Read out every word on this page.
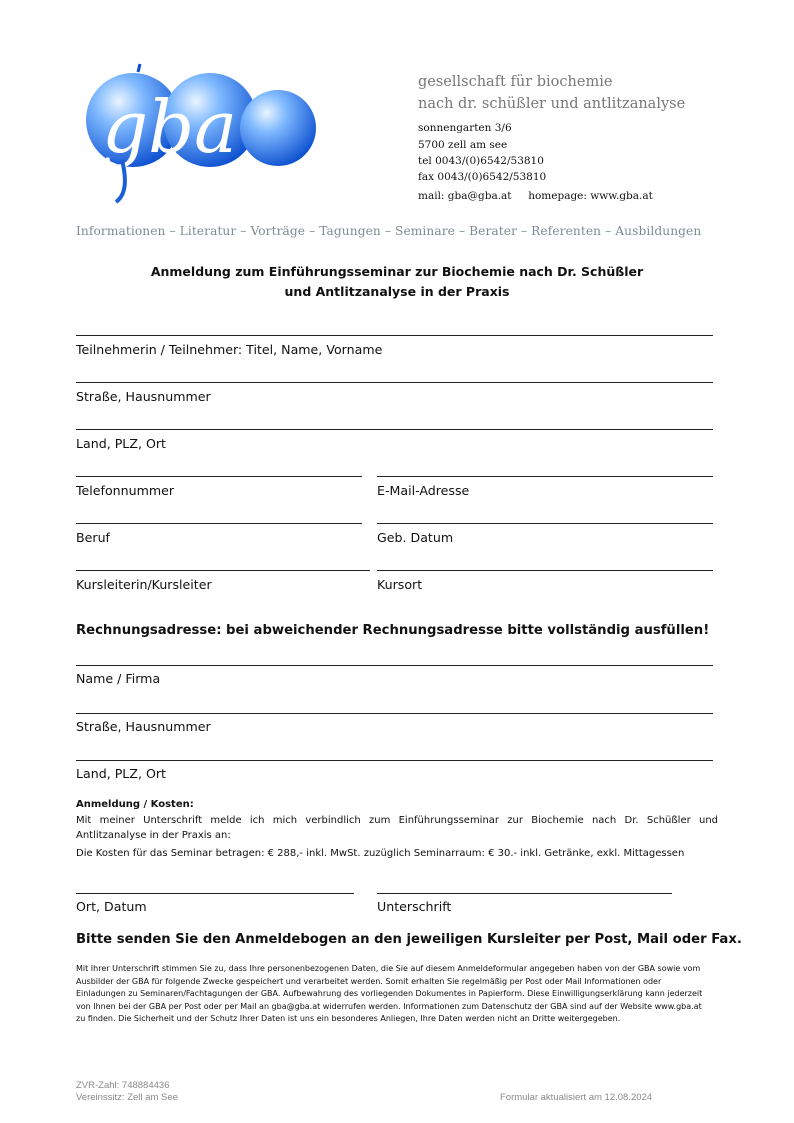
gba
gesellschaft für biochemie
nach dr. schüßler und antlitzanalyse
sonnengarten 3/6
5700 zell am see
tel 0043/(0)6542/53810
fax 0043/(0)6542/53810
mail: gba@gba.at     homepage: www.gba.at
Informationen – Literatur – Vorträge – Tagungen – Seminare – Berater – Referenten – Ausbildungen
Anmeldung zum Einführungsseminar zur Biochemie nach Dr. Schüßler
und Antlitzanalyse in der Praxis
Teilnehmerin / Teilnehmer: Titel, Name, Vorname
Straße, Hausnummer
Land, PLZ, Ort
Telefonnummer	E-Mail-Adresse
Beruf	Geb. Datum
Kursleiterin/Kursleiter	Kursort
Rechnungsadresse: bei abweichender Rechnungsadresse bitte vollständig ausfüllen!
Name / Firma
Straße, Hausnummer
Land, PLZ, Ort
Anmeldung / Kosten:
Mit meiner Unterschrift melde ich mich verbindlich zum Einführungsseminar zur Biochemie nach Dr. Schüßler und Antlitzanalyse in der Praxis an:
Die Kosten für das Seminar betragen: € 288,- inkl. MwSt. zuzüglich Seminarraum: € 30.- inkl. Getränke, exkl. Mittagessen
Ort, Datum	Unterschrift
Bitte senden Sie den Anmeldebogen an den jeweiligen Kursleiter per Post, Mail oder Fax.
Mit Ihrer Unterschrift stimmen Sie zu, dass Ihre personenbezogenen Daten, die Sie auf diesem Anmeldeformular angegeben haben von der GBA sowie vom Ausbilder der GBA für folgende Zwecke gespeichert und verarbeitet werden. Somit erhalten Sie regelmäßig per Post oder Mail Informationen oder Einladungen zu Seminaren/Fachtagungen der GBA. Aufbewahrung des vorliegenden Dokumentes in Papierform. Diese Einwilligungserklärung kann jederzeit von Ihnen bei der GBA per Post oder per Mail an gba@gba.at widerrufen werden. Informationen zum Datenschutz der GBA sind auf der Website www.gba.at zu finden. Die Sicherheit und der Schutz Ihrer Daten ist uns ein besonderes Anliegen, Ihre Daten werden nicht an Dritte weitergegeben.
ZVR-Zahl: 748884436
Vereinssitz: Zell am See	Formular aktualisiert am 12.08.2024
